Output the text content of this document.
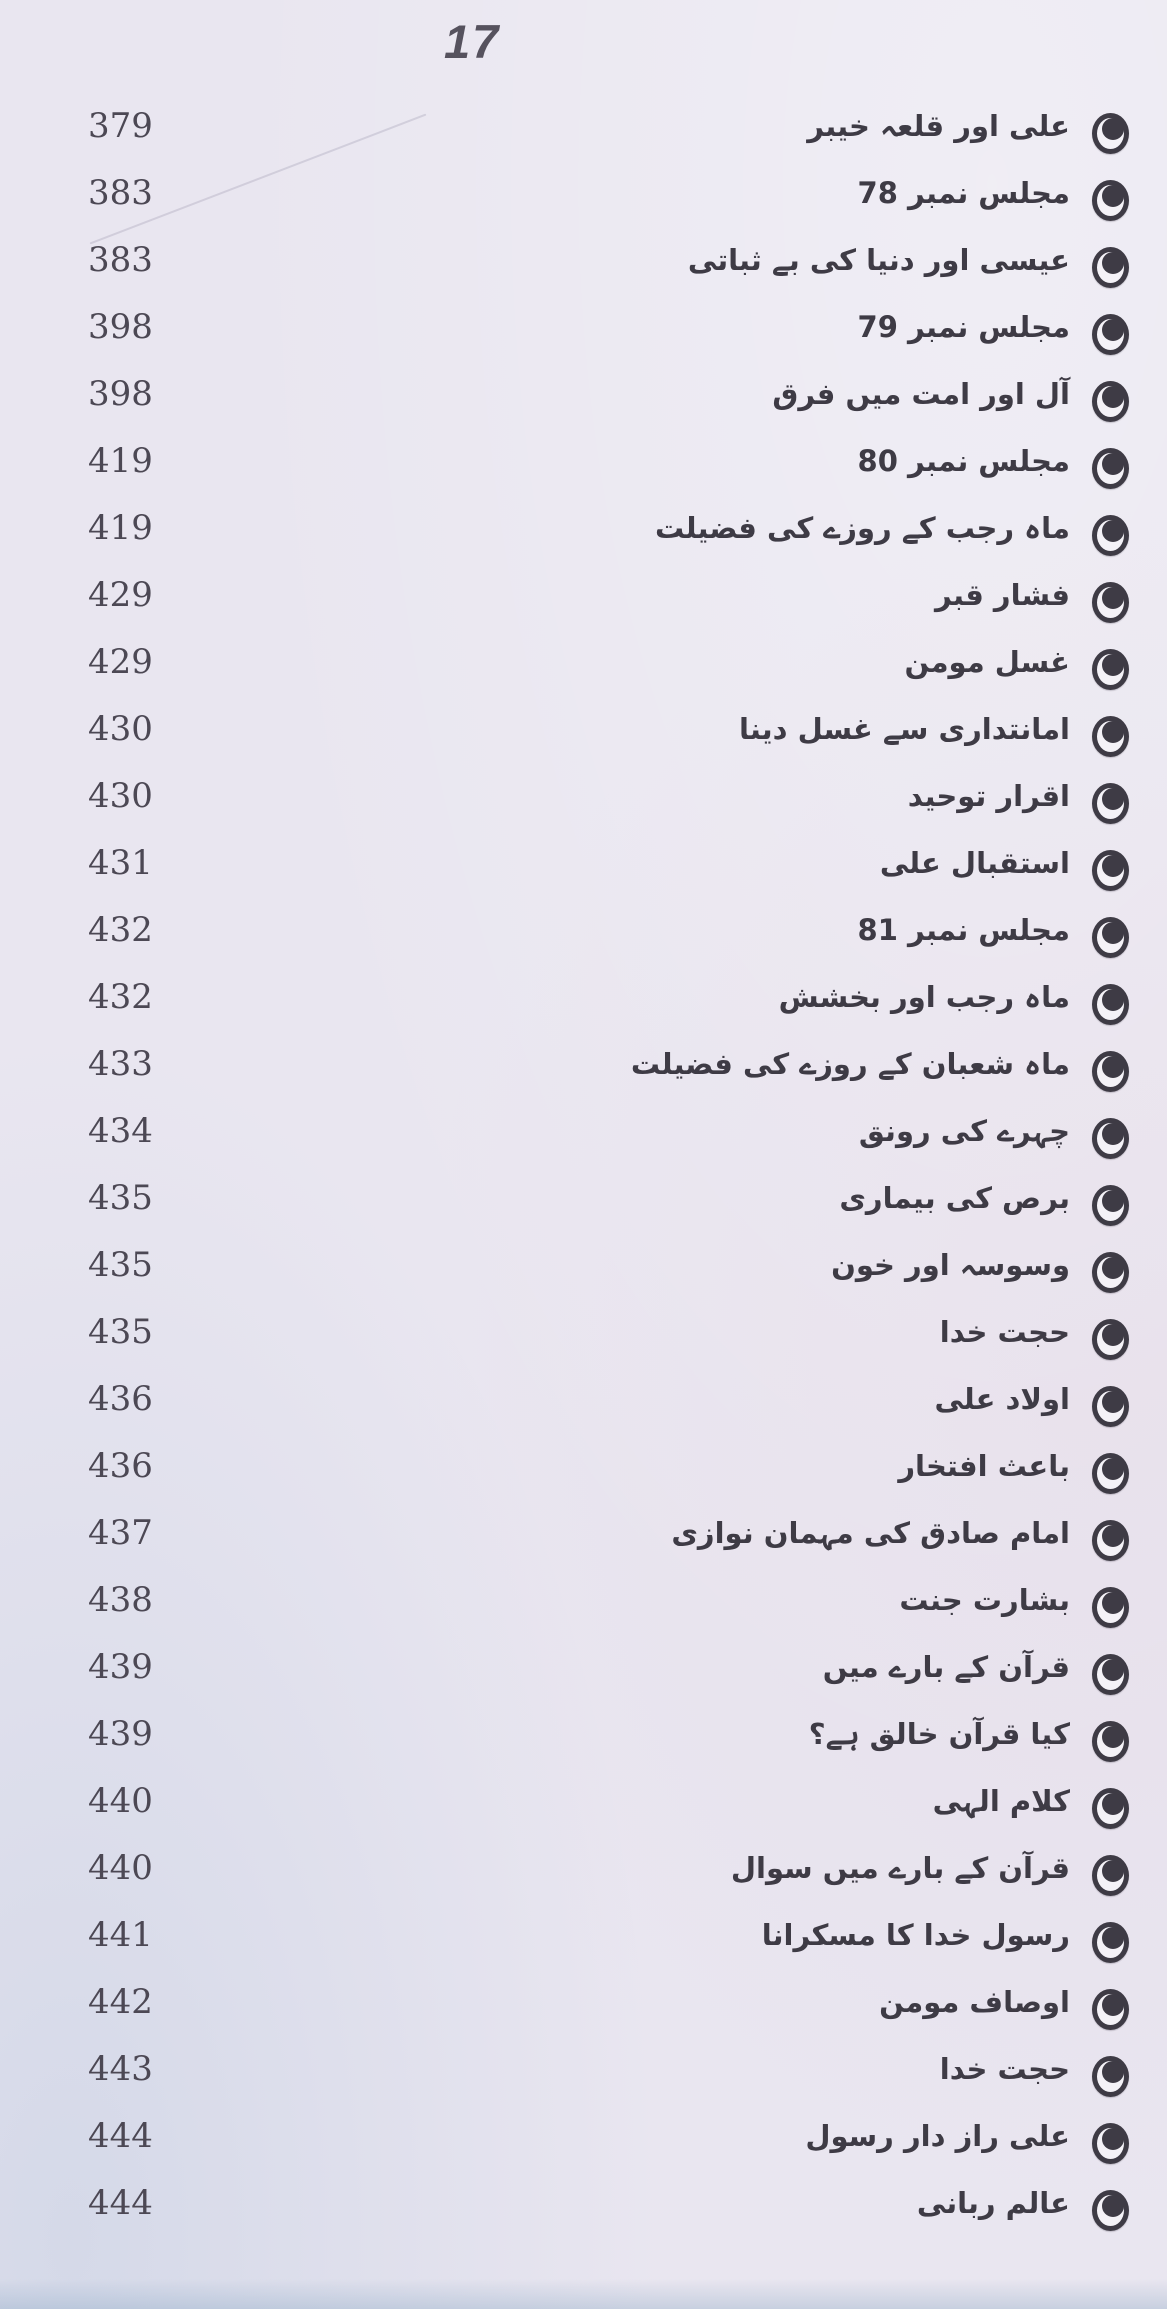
17
379	علی اور قلعہ خیبر
383	مجلس نمبر 78
383	عیسی اور دنیا کی بے ثباتی
398	مجلس نمبر 79
398	آل اور امت میں فرق
419	مجلس نمبر 80
419	ماہ رجب کے روزے کی فضیلت
429	فشار قبر
429	غسل مومن
430	امانتداری سے غسل دینا
430	اقرار توحید
431	استقبال علی
432	مجلس نمبر 81
432	ماہ رجب اور بخشش
433	ماہ شعبان کے روزے کی فضیلت
434	چہرے کی رونق
435	برص کی بیماری
435	وسوسہ اور خون
435	حجت خدا
436	اولاد علی
436	باعث افتخار
437	امام صادق کی مہمان نوازی
438	بشارت جنت
439	قرآن کے بارے میں
439	کیا قرآن خالق ہے؟
440	کلام الہی
440	قرآن کے بارے میں سوال
441	رسول خدا کا مسکرانا
442	اوصاف مومن
443	حجت خدا
444	علی راز دار رسول
444	عالم ربانی
